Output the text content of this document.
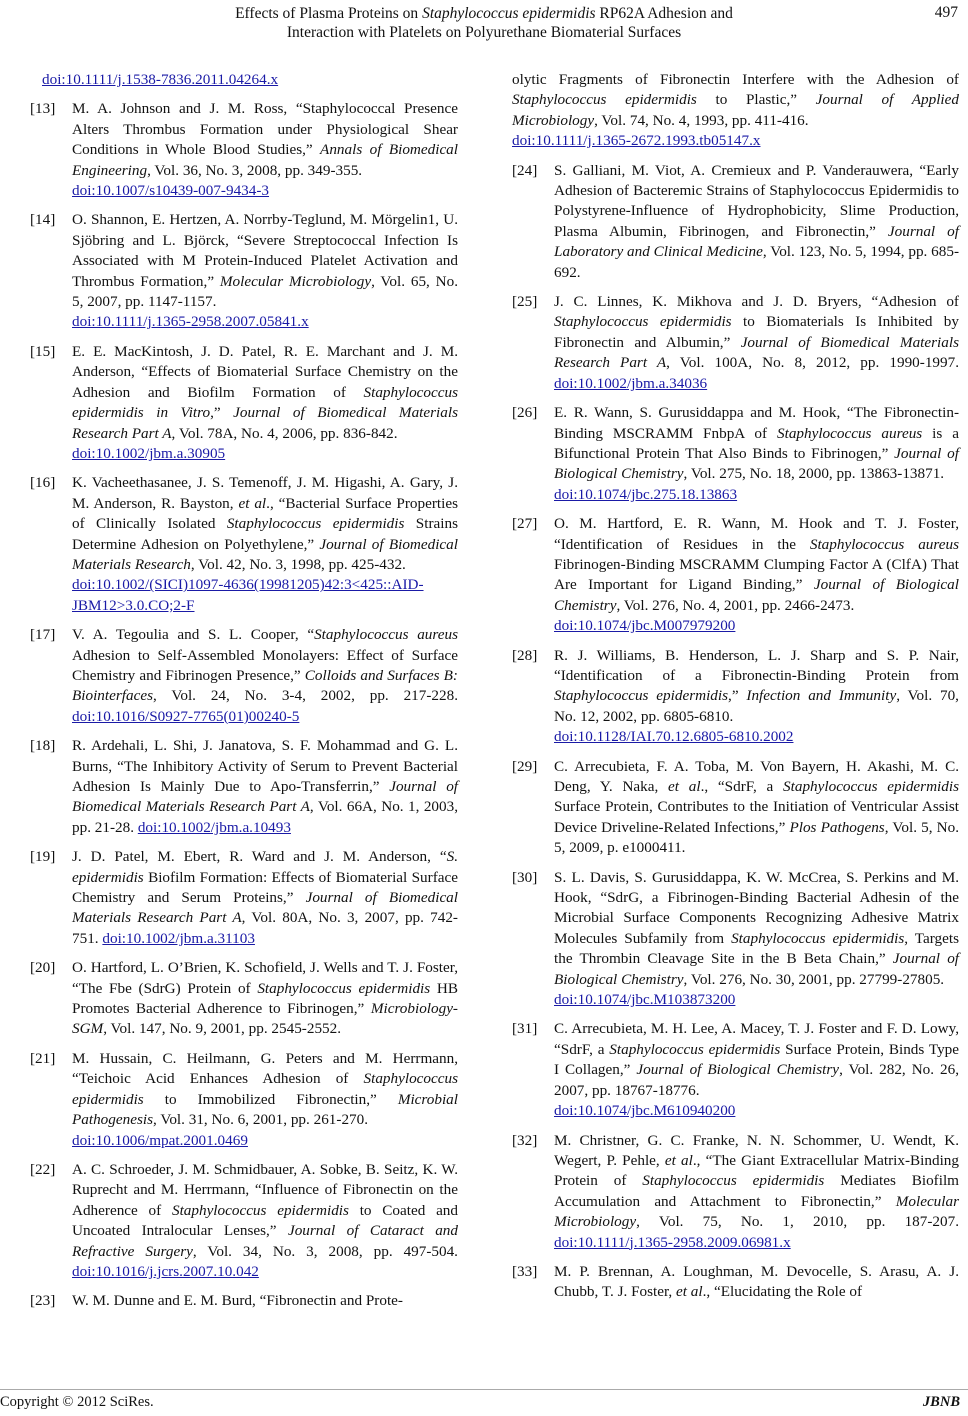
Effects of Plasma Proteins on Staphylococcus epidermidis RP62A Adhesion and
Interaction with Platelets on Polyurethane Biomaterial Surfaces
497
doi:10.1111/j.1538-7836.2011.04264.x
[13] M. A. Johnson and J. M. Ross, “Staphylococcal Presence Alters Thrombus Formation under Physiological Shear Conditions in Whole Blood Studies,” Annals of Biomedical Engineering, Vol. 36, No. 3, 2008, pp. 349-355.
doi:10.1007/s10439-007-9434-3
[14] O. Shannon, E. Hertzen, A. Norrby-Teglund, M. Mörgelin1, U. Sjöbring and L. Björck, “Severe Streptococcal Infection Is Associated with M Protein-Induced Platelet Activation and Thrombus Formation,” Molecular Microbiology, Vol. 65, No. 5, 2007, pp. 1147-1157.
doi:10.1111/j.1365-2958.2007.05841.x
[15] E. E. MacKintosh, J. D. Patel, R. E. Marchant and J. M. Anderson, “Effects of Biomaterial Surface Chemistry on the Adhesion and Biofilm Formation of Staphylococcus epidermidis in Vitro,” Journal of Biomedical Materials Research Part A, Vol. 78A, No. 4, 2006, pp. 836-842.
doi:10.1002/jbm.a.30905
[16] K. Vacheethasanee, J. S. Temenoff, J. M. Higashi, A. Gary, J. M. Anderson, R. Bayston, et al., “Bacterial Surface Properties of Clinically Isolated Staphylococcus epidermidis Strains Determine Adhesion on Polyethylene,” Journal of Biomedical Materials Research, Vol. 42, No. 3, 1998, pp. 425-432.
doi:10.1002/(SICI)1097-4636(19981205)42:3<425::AID-JBM12>3.0.CO;2-F
[17] V. A. Tegoulia and S. L. Cooper, “Staphylococcus aureus Adhesion to Self-Assembled Monolayers: Effect of Surface Chemistry and Fibrinogen Presence,” Colloids and Surfaces B: Biointerfaces, Vol. 24, No. 3-4, 2002, pp. 217-228. doi:10.1016/S0927-7765(01)00240-5
[18] R. Ardehali, L. Shi, J. Janatova, S. F. Mohammad and G. L. Burns, “The Inhibitory Activity of Serum to Prevent Bacterial Adhesion Is Mainly Due to Apo-Transferrin,” Journal of Biomedical Materials Research Part A, Vol. 66A, No. 1, 2003, pp. 21-28. doi:10.1002/jbm.a.10493
[19] J. D. Patel, M. Ebert, R. Ward and J. M. Anderson, “S. epidermidis Biofilm Formation: Effects of Biomaterial Surface Chemistry and Serum Proteins,” Journal of Biomedical Materials Research Part A, Vol. 80A, No. 3, 2007, pp. 742-751. doi:10.1002/jbm.a.31103
[20] O. Hartford, L. O’Brien, K. Schofield, J. Wells and T. J. Foster, “The Fbe (SdrG) Protein of Staphylococcus epidermidis HB Promotes Bacterial Adherence to Fibrinogen,” Microbiology-SGM, Vol. 147, No. 9, 2001, pp. 2545-2552.
[21] M. Hussain, C. Heilmann, G. Peters and M. Herrmann, “Teichoic Acid Enhances Adhesion of Staphylococcus epidermidis to Immobilized Fibronectin,” Microbial Pathogenesis, Vol. 31, No. 6, 2001, pp. 261-270.
doi:10.1006/mpat.2001.0469
[22] A. C. Schroeder, J. M. Schmidbauer, A. Sobke, B. Seitz, K. W. Ruprecht and M. Herrmann, “Influence of Fibronectin on the Adherence of Staphylococcus epidermidis to Coated and Uncoated Intralocular Lenses,” Journal of Cataract and Refractive Surgery, Vol. 34, No. 3, 2008, pp. 497-504. doi:10.1016/j.jcrs.2007.10.042
[23] W. M. Dunne and E. M. Burd, “Fibronectin and Prote-
olytic Fragments of Fibronectin Interfere with the Adhesion of Staphylococcus epidermidis to Plastic,” Journal of Applied Microbiology, Vol. 74, No. 4, 1993, pp. 411-416.
doi:10.1111/j.1365-2672.1993.tb05147.x
[24] S. Galliani, M. Viot, A. Cremieux and P. Vanderauwera, “Early Adhesion of Bacteremic Strains of Staphylococcus Epidermidis to Polystyrene-Influence of Hydrophobicity, Slime Production, Plasma Albumin, Fibrinogen, and Fibronectin,” Journal of Laboratory and Clinical Medicine, Vol. 123, No. 5, 1994, pp. 685-692.
[25] J. C. Linnes, K. Mikhova and J. D. Bryers, “Adhesion of Staphylococcus epidermidis to Biomaterials Is Inhibited by Fibronectin and Albumin,” Journal of Biomedical Materials Research Part A, Vol. 100A, No. 8, 2012, pp. 1990-1997. doi:10.1002/jbm.a.34036
[26] E. R. Wann, S. Gurusiddappa and M. Hook, “The Fibronectin-Binding MSCRAMM FnbpA of Staphylococcus aureus is a Bifunctional Protein That Also Binds to Fibrinogen,” Journal of Biological Chemistry, Vol. 275, No. 18, 2000, pp. 13863-13871.
doi:10.1074/jbc.275.18.13863
[27] O. M. Hartford, E. R. Wann, M. Hook and T. J. Foster, “Identification of Residues in the Staphylococcus aureus Fibrinogen-Binding MSCRAMM Clumping Factor A (ClfA) That Are Important for Ligand Binding,” Journal of Biological Chemistry, Vol. 276, No. 4, 2001, pp. 2466-2473.
doi:10.1074/jbc.M007979200
[28] R. J. Williams, B. Henderson, L. J. Sharp and S. P. Nair, “Identification of a Fibronectin-Binding Protein from Staphylococcus epidermidis,” Infection and Immunity, Vol. 70, No. 12, 2002, pp. 6805-6810.
doi:10.1128/IAI.70.12.6805-6810.2002
[29] C. Arrecubieta, F. A. Toba, M. Von Bayern, H. Akashi, M. C. Deng, Y. Naka, et al., “SdrF, a Staphylococcus epidermidis Surface Protein, Contributes to the Initiation of Ventricular Assist Device Driveline-Related Infections,” Plos Pathogens, Vol. 5, No. 5, 2009, p. e1000411.
[30] S. L. Davis, S. Gurusiddappa, K. W. McCrea, S. Perkins and M. Hook, “SdrG, a Fibrinogen-Binding Bacterial Adhesin of the Microbial Surface Components Recognizing Adhesive Matrix Molecules Subfamily from Staphylococcus epidermidis, Targets the Thrombin Cleavage Site in the B Beta Chain,” Journal of Biological Chemistry, Vol. 276, No. 30, 2001, pp. 27799-27805.
doi:10.1074/jbc.M103873200
[31] C. Arrecubieta, M. H. Lee, A. Macey, T. J. Foster and F. D. Lowy, “SdrF, a Staphylococcus epidermidis Surface Protein, Binds Type I Collagen,” Journal of Biological Chemistry, Vol. 282, No. 26, 2007, pp. 18767-18776.
doi:10.1074/jbc.M610940200
[32] M. Christner, G. C. Franke, N. N. Schommer, U. Wendt, K. Wegert, P. Pehle, et al., “The Giant Extracellular Matrix-Binding Protein of Staphylococcus epidermidis Mediates Biofilm Accumulation and Attachment to Fibronectin,” Molecular Microbiology, Vol. 75, No. 1, 2010, pp. 187-207. doi:10.1111/j.1365-2958.2009.06981.x
[33] M. P. Brennan, A. Loughman, M. Devocelle, S. Arasu, A. J. Chubb, T. J. Foster, et al., “Elucidating the Role of
Copyright © 2012 SciRes.	JBNB
